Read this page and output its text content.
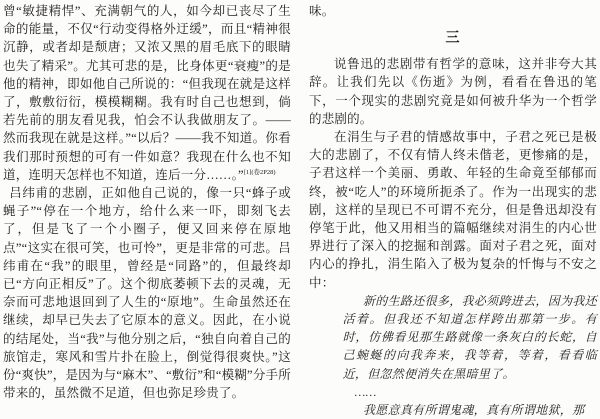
曾“敏捷精悍”、充满朝气的人，如今却已丧尽了生命的能量，不仅“行动变得格外迂缓”，而且“精神很沉静，或者却是颓唐；又浓又黑的眉毛底下的眼睛也失了精采”。尤其可悲的是，比身体更“衰瘦”的是他的精神，即如他自己所说的：“但我现在就是这样了，敷敷衍衍，模模糊糊。我有时自己也想到，倘若先前的朋友看见我，怕会不认我做朋友了。——然而我现在就是这样。”“以后？——我不知道。你看我们那时预想的可有一件如意？我现在什么也不知道，连明天怎样也不知道，连后一分……。”$^{[1](卷2P28)}$

吕纬甫的悲剧，正如他自己说的，像一只“蜂子或蝇子”“停在一个地方，给什么来一吓，即刻飞去了，但是飞了一个小圈子，便又回来停在原地点”“这实在很可笑，也可怜”，更是非常的可悲。吕纬甫在“我”的眼里，曾经是“同路”的，但最终却已“方向正相反”了。这个彻底萎顿下去的灵魂，无奈而可悲地退回到了人生的“原地”。生命虽然还在继续，却早已失去了它原本的意义。因此，在小说的结尾处，当“我”与他分别之后，“独自向着自己的旅馆走，寒风和雪片扑在脸上，倒觉得很爽快。”这份“爽快”，是因为与“麻木”、“敷衍”和“模糊”分手所带来的，虽然微不足道，但也弥足珍贵了。

味。

三

说鲁迅的悲剧带有哲学的意味，这并非夸大其辞。让我们先以《伤逝》为例，看看在鲁迅的笔下，一个现实的悲剧究竟是如何被升华为一个哲学的悲剧的。

在涓生与子君的情感故事中，子君之死已是极大的悲剧了，不仅有情人终未偕老，更惨痛的是，子君这样一个美丽、勇敢、年轻的生命竟至郁郁而终，被“吃人”的环境所扼杀了。作为一出现实的悲剧，这样的呈现已不可谓不充分，但是鲁迅却没有停笔于此，他又用相当的篇幅继续对涓生的内心世界进行了深入的挖掘和剖露。面对子君之死，面对内心的挣扎，涓生陷入了极为复杂的忏悔与不安之中：

新的生路还很多，我必须跨进去，因为我还活着。但我还不知道怎样跨出那第一步。有时，仿佛看见那生路就像一条灰白的长蛇，自己蜿蜒的向我奔来，我等着，等着，看看临近，但忽然便消失在黑暗里了。

……

我愿意真有所谓鬼魂，真有所谓地狱，那
